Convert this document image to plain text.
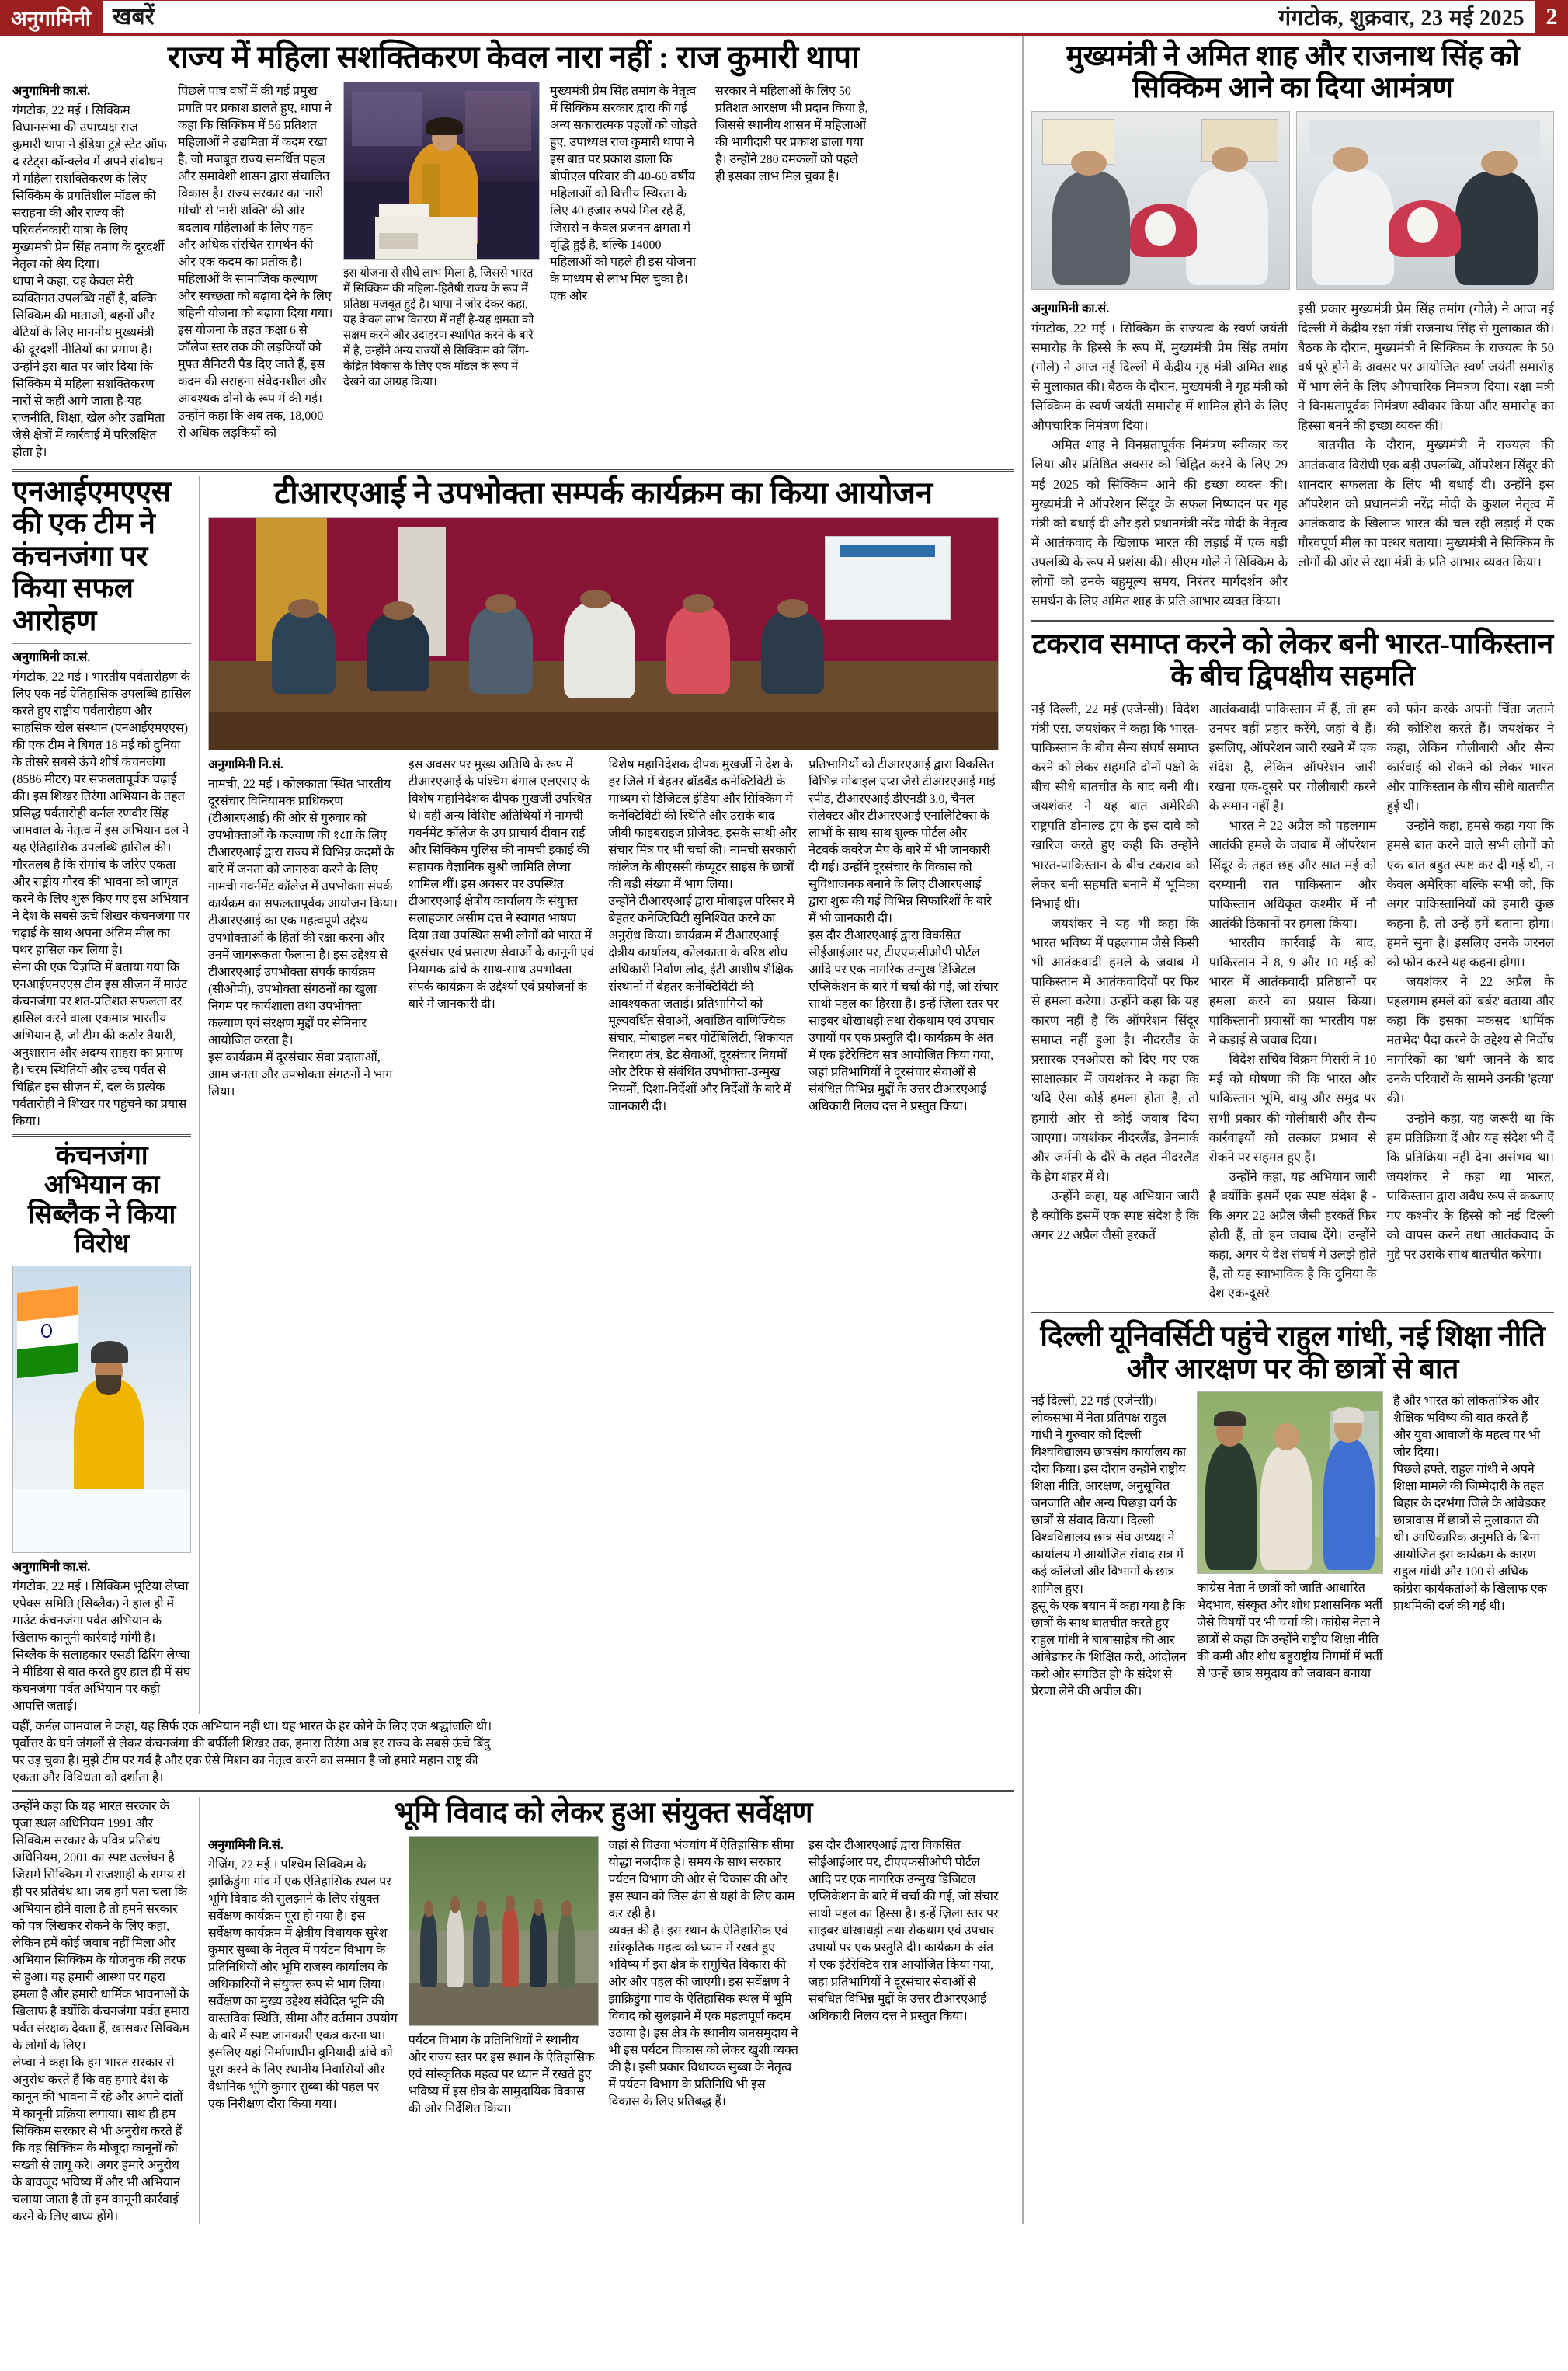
अनुगामिनी खबरें	गंगटोक, शुक्रवार, 23 मई 2025 2
राज्य में महिला सशक्तिकरण केवल नारा नहीं : राज कुमारी थापा
अनुगामिनी का.सं.

गंगटोक, 22 मई । सिक्किम विधानसभा की उपाध्यक्ष राज कुमारी थापा ने इंडिया टुडे स्टेट ऑफ द स्टेट्स कॉन्क्लेव में अपने संबोधन में महिला सशक्तिकरण के लिए सिक्किम के प्रगतिशील मॉडल की सराहना की और राज्य की परिवर्तनकारी यात्रा के लिए मुख्यमंत्री प्रेम सिंह तमांग के दूरदर्शी नेतृत्व को श्रेय दिया।

थापा ने कहा, यह केवल मेरी व्यक्तिगत उपलब्धि नहीं है, बल्कि सिक्किम की माताओं, बहनों और बेटियों के लिए माननीय मुख्यमंत्री की दूरदर्शी नीतियों का प्रमाण है। उन्होंने इस बात पर जोर दिया कि सिक्किम में महिला सशक्तिकरण नारों से कहीं आगे जाता है-यह राजनीति, शिक्षा, खेल और उद्यमिता जैसे क्षेत्रों में कार्रवाई में परिलक्षित होता है।

पिछले पांच वर्षों में की गई प्रमुख प्रगति पर प्रकाश डालते हुए, थापा ने कहा कि सिक्किम में 56 प्रतिशत महिलाओं ने उद्यमिता में कदम रखा है, जो मजबूत राज्य समर्थित पहल और समावेशी शासन द्वारा संचालित विकास है। राज्य सरकार का 'नारी मोर्चा' से 'नारी शक्ति' की ओर बदलाव महिलाओं के लिए गहन और अधिक संरचित समर्थन की ओर एक कदम का प्रतीक है। महिलाओं के सामाजिक कल्याण और स्वच्छता को बढ़ावा देने के लिए बहिनी योजना को बढ़ावा दिया गया। इस योजना के तहत कक्षा 6 से कॉलेज स्तर तक की लड़कियों को मुफ्त सैनिटरी पैड दिए जाते हैं, इस कदम की सराहना संवेदनशील और आवश्यक दोनों के रूप में की गई।

उन्होंने कहा कि अब तक, 18,000 से अधिक लड़कियों को

इस योजना से सीधे लाभ मिला है, जिससे भारत में सिक्किम की महिला-हितैषी राज्य के रूप में प्रतिष्ठा मजबूत हुई है। थापा ने जोर देकर कहा, यह केवल लाभ वितरण में नहीं है-यह क्षमता को सक्षम करने और उदाहरण स्थापित करने के बारे में है, उन्होंने अन्य राज्यों से सिक्किम को लिंग-केंद्रित विकास के लिए एक मॉडल के रूप में देखने का आग्रह किया।

मुख्यमंत्री प्रेम सिंह तमांग के नेतृत्व में सिक्किम सरकार द्वारा की गई अन्य सकारात्मक पहलों को जोड़ते हुए, उपाध्यक्ष राज कुमारी थापा ने इस बात पर प्रकाश डाला कि बीपीएल परिवार की 40-60 वर्षीय महिलाओं को वित्तीय स्थिरता के लिए 40 हजार रुपये मिल रहे हैं, जिससे न केवल प्रजनन क्षमता में वृद्धि हुई है, बल्कि 14000 महिलाओं को पहले ही इस योजना के माध्यम से लाभ मिल चुका है। एक और

सरकार ने महिलाओं के लिए 50 प्रतिशत आरक्षण भी प्रदान किया है, जिससे स्थानीय शासन में महिलाओं की भागीदारी पर प्रकाश डाला गया है। उन्होंने 280 दमकलों को पहले ही इसका लाभ मिल चुका है।

एनआईएमएएस की एक टीम ने कंचनजंगा पर किया सफल आरोहण
अनुगामिनी का.सं.

गंगटोक, 22 मई । भारतीय पर्वतारोहण के लिए एक नई ऐतिहासिक उपलब्धि हासिल करते हुए राष्ट्रीय पर्वतारोहण और साहसिक खेल संस्थान (एनआईएमएएस) की एक टीम ने बिगत 18 मई को दुनिया के तीसरे सबसे ऊंचे शीर्ष कंचनजंगा (8586 मीटर) पर सफलतापूर्वक चढ़ाई की। इस शिखर तिरंगा अभियान के तहत प्रसिद्ध पर्वतारोही कर्नल रणवीर सिंह जामवाल के नेतृत्व में इस अभियान दल ने यह ऐतिहासिक उपलब्धि हासिल की।

गौरतलब है कि रोमांच के जरिए एकता और राष्ट्रीय गौरव की भावना को जागृत करने के लिए शुरू किए गए इस अभियान ने देश के सबसे ऊंचे शिखर कंचनजंगा पर चढ़ाई के साथ अपना अंतिम मील का पथर हासिल कर लिया है।

सेना की एक विज्ञप्ति में बताया गया कि एनआईएमएएस टीम इस सीज़न में माउंट कंचनजंगा पर शत-प्रतिशत सफलता दर हासिल करने वाला एकमात्र भारतीय अभियान है, जो टीम की कठोर तैयारी, अनुशासन और अदम्य साहस का प्रमाण है। चरम स्थितियों और उच्च पर्वत से चिह्नित इस सीज़न में, दल के प्रत्येक पर्वतारोही ने शिखर पर पहुंचने का प्रयास किया।

कंचनजंगा अभियान का सिब्लैक ने किया विरोध
अनुगामिनी का.सं.

गंगटोक, 22 मई । सिक्किम भूटिया लेप्चा एपेक्स समिति (सिब्लैक) ने हाल ही में माउंट कंचनजंगा पर्वत अभियान के खिलाफ कानूनी कार्रवाई मांगी है। सिब्लैक के सलाहकार एसडी ढिरिंग लेप्चा ने मीडिया से बात करते हुए हाल ही में संघ कंचनजंगा पर्वत अभियान पर कड़ी आपत्ति जताई।

टीआरएआई ने उपभोक्ता सम्पर्क कार्यक्रम का किया आयोजन
अनुगामिनी नि.सं.

नामची, 22 मई । कोलकाता स्थित भारतीय दूरसंचार विनियामक प्राधिकरण (टीआरएआई) की ओर से गुरुवार को उपभोक्ताओं के कल्याण की १८ाा के लिए टीआरएआई द्वारा राज्य में विभिन्न कदमों के बारे में जनता को जागरुक करने के लिए नामची गवर्नमेंट कॉलेज में उपभोक्ता संपर्क कार्यक्रम का सफलतापूर्वक आयोजन किया।

टीआरएआई का एक महत्वपूर्ण उद्देश्य उपभोक्ताओं के हितों की रक्षा करना और उनमें जागरूकता फैलाना है। इस उद्देश्य से टीआरएआई उपभोक्ता संपर्क कार्यक्रम (सीओपी), उपभोक्ता संगठनों का खुला निगम पर कार्यशाला तथा उपभोक्ता कल्याण एवं संरक्षण मुद्दों पर सेमिनार आयोजित करता है।

इस कार्यक्रम में दूरसंचार सेवा प्रदाताओं, आम जनता और उपभोक्ता संगठनों ने भाग लिया।

इस अवसर पर मुख्य अतिथि के रूप में टीआरएआई के पश्चिम बंगाल एलएसए के विशेष महानिदेशक दीपक मुखर्जी उपस्थित थे। वहीं अन्य विशिष्ट अतिथियों में नामची गवर्नमेंट कॉलेज के उप प्राचार्य दीवान राई और सिक्किम पुलिस की नामची इकाई की सहायक वैज्ञानिक सुश्री जामिति लेप्चा शामिल थीं। इस अवसर पर उपस्थित टीआरएआई क्षेत्रीय कार्यालय के संयुक्त सलाहकार असीम दत्त ने स्वागत भाषण दिया तथा उपस्थित सभी लोगों को भारत में दूरसंचार एवं प्रसारण सेवाओं के कानूनी एवं नियामक ढांचे के साथ-साथ उपभोक्ता संपर्क कार्यक्रम के उद्देश्यों एवं प्रयोजनों के बारे में जानकारी दी।

विशेष महानिदेशक दीपक मुखर्जी ने देश के हर जिले में बेहतर ब्रॉडबैंड कनेक्टिविटी के माध्यम से डिजिटल इंडिया और सिक्किम में कनेक्टिविटी की स्थिति और उसके बाद जीबी फाइबराइज प्रोजेक्ट, इसके साथी और संचार मित्र पर भी चर्चा की। नामची सरकारी कॉलेज के बीएससी कंप्यूटर साइंस के छात्रों की बड़ी संख्या में भाग लिया।

उन्होंने टीआरएआई द्वारा मोबाइल परिसर में बेहतर कनेक्टिविटी सुनिश्चित करने का अनुरोध किया। कार्यक्रम में टीआरएआई क्षेत्रीय कार्यालय, कोलकाता के वरिष्ठ शोध अधिकारी निर्वाण लोद, ईटी आशीष शैक्षिक संस्थानों में बेहतर कनेक्टिविटी की आवश्यकता जताई। प्रतिभागियों को मूल्यवर्धित सेवाओं, अवांछित वाणिज्यिक संचार, मोबाइल नंबर पोर्टेबिलिटी, शिकायत निवारण तंत्र, डेट सेवाओं, दूरसंचार नियमों और टैरिफ से संबंधित उपभोक्ता-उन्मुख नियमों, दिशा-निर्देशों और निर्देशों के बारे में जानकारी दी।

प्रतिभागियों को टीआरएआई द्वारा विकसित विभिन्न मोबाइल एप्स जैसे टीआरएआई माई स्पीड, टीआरएआई डीएनडी 3.0, चैनल सेलेक्टर और टीआरएआई एनालिटिक्स के लाभों के साथ-साथ शुल्क पोर्टल और नेटवर्क कवरेज मैप के बारे में भी जानकारी दी गई। उन्होंने दूरसंचार के विकास को सुविधाजनक बनाने के लिए टीआरएआई द्वारा शुरू की गई विभिन्न सिफारिशों के बारे में भी जानकारी दी।

इस दौर टीआरएआई द्वारा विकसित सीईआईआर पर, टीएएफसीओपी पोर्टल आदि पर एक नागरिक उन्मुख डिजिटल एप्लिकेशन के बारे में चर्चा की गई, जो संचार साथी पहल का हिस्सा है। इन्हें ज़िला स्तर पर साइबर धोखाधड़ी तथा रोकथाम एवं उपचार उपायों पर एक प्रस्तुति दी। कार्यक्रम के अंत में एक इंटेरेक्टिव सत्र आयोजित किया गया, जहां प्रतिभागियों ने दूरसंचार सेवाओं से संबंधित विभिन्न मुद्दों के उत्तर टीआरएआई अधिकारी निलय दत्त ने प्रस्तुत किया।

वहीं, कर्नल जामवाल ने कहा, यह सिर्फ एक अभियान नहीं था। यह भारत के हर कोने के लिए एक श्रद्धांजलि थी। पूर्वोत्तर के घने जंगलों से लेकर कंचनजंगा की बर्फीली शिखर तक, हमारा तिरंगा अब हर राज्य के सबसे ऊंचे बिंदु पर उड़ चुका है। मुझे टीम पर गर्व है और एक ऐसे मिशन का नेतृत्व करने का सम्मान है जो हमारे महान राष्ट्र की एकता और विविधता को दर्शाता है।

उन्होंने कहा कि यह भारत सरकार के पूजा स्थल अधिनियम 1991 और सिक्किम सरकार के पवित्र प्रतिबंध अधिनियम, 2001 का स्पष्ट उल्लंघन है जिसमें सिक्किम में राजशाही के समय से ही पर प्रतिबंध था। जब हमें पता चला कि अभियान होने वाला है तो हमने सरकार को पत्र लिखकर रोकने के लिए कहा, लेकिन हमें कोई जवाब नहीं मिला और अभियान सिक्किम के योजनुक की तरफ से हुआ। यह हमारी आस्था पर गहरा हमला है और हमारी धार्मिक भावनाओं के खिलाफ है क्योंकि कंचनजंगा पर्वत हमारा पर्वत संरक्षक देवता हैं, खासकर सिक्किम के लोगों के लिए।

लेप्चा ने कहा कि हम भारत सरकार से अनुरोध करते हैं कि वह हमारे देश के कानून की भावना में रहे और अपने दांतों में कानूनी प्रक्रिया लगाया। साथ ही हम सिक्किम सरकार से भी अनुरोध करते हैं कि वह सिक्किम के मौजूदा कानूनों को सख्ती से लागू करे। अगर हमारे अनुरोध के बावजूद भविष्य में और भी अभियान चलाया जाता है तो हम कानूनी कार्रवाई करने के लिए बाध्य होंगे।

भूमि विवाद को लेकर हुआ संयुक्त सर्वेक्षण
अनुगामिनी नि.सं.

गेजिंग, 22 मई । पश्चिम सिक्किम के झाक्रिडुंगा गांव में एक ऐतिहासिक स्थल पर भूमि विवाद की सुलझाने के लिए संयुक्त सर्वेक्षण कार्यक्रम पूरा हो गया है। इस सर्वेक्षण कार्यक्रम में क्षेत्रीय विधायक सुरेश कुमार सुब्बा के नेतृत्व में पर्यटन विभाग के प्रतिनिधियों और भूमि राजस्व कार्यालय के अधिकारियों ने संयुक्त रूप से भाग लिया।

सर्वेक्षण का मुख्य उद्देश्य संवेदित भूमि की वास्तविक स्थिति, सीमा और वर्तमान उपयोग के बारे में स्पष्ट जानकारी एकत्र करना था। इसलिए यहां निर्माणाधीन बुनियादी ढांचे को पूरा करने के लिए स्थानीय निवासियों और वैधानिक भूमि कुमार सुब्बा की पहल पर एक निरीक्षण दौरा किया गया।

पर्यटन विभाग के प्रतिनिधियों ने स्थानीय और राज्य स्तर पर इस स्थान के ऐतिहासिक एवं सांस्कृतिक महत्व पर ध्यान में रखते हुए भविष्य में इस क्षेत्र के सामुदायिक विकास की ओर निर्देशित किया।

जहां से चिउवा भंज्यांग में ऐतिहासिक सीमा योद्धा नजदीक है। समय के साथ सरकार पर्यटन विभाग की ओर से विकास की ओर इस स्थान को जिस ढंग से यहां के लिए काम कर रही है।

व्यक्त की है। इस स्थान के ऐतिहासिक एवं सांस्कृतिक महत्व को ध्यान में रखते हुए भविष्य में इस क्षेत्र के समुचित विकास की ओर और पहल की जाएगी। इस सर्वेक्षण ने झाक्रिडुंगा गांव के ऐतिहासिक स्थल में भूमि विवाद को सुलझाने में एक महत्वपूर्ण कदम उठाया है। इस क्षेत्र के स्थानीय जनसमुदाय ने भी इस पर्यटन विकास को लेकर खुशी व्यक्त की है। इसी प्रकार विधायक सुब्बा के नेतृत्व में पर्यटन विभाग के प्रतिनिधि भी इस विकास के लिए प्रतिबद्ध हैं।

इस दौर टीआरएआई द्वारा विकसित सीईआईआर पर, टीएएफसीओपी पोर्टल आदि पर एक नागरिक उन्मुख डिजिटल एप्लिकेशन के बारे में चर्चा की गई, जो संचार साथी पहल का हिस्सा है। इन्हें ज़िला स्तर पर साइबर धोखाधड़ी तथा रोकथाम एवं उपचार उपायों पर एक प्रस्तुति दी। कार्यक्रम के अंत में एक इंटेरेक्टिव सत्र आयोजित किया गया, जहां प्रतिभागियों ने दूरसंचार सेवाओं से संबंधित विभिन्न मुद्दों के उत्तर टीआरएआई अधिकारी निलय दत्त ने प्रस्तुत किया।

मुख्यमंत्री ने अमित शाह और राजनाथ सिंह को सिक्किम आने का दिया आमंत्रण
अनुगामिनी का.सं.

गंगटोक, 22 मई । सिक्किम के राज्यत्व के स्वर्ण जयंती समारोह के हिस्से के रूप में, मुख्यमंत्री प्रेम सिंह तमांग (गोले) ने आज नई दिल्ली में केंद्रीय गृह मंत्री अमित शाह से मुलाकात की। बैठक के दौरान, मुख्यमंत्री ने गृह मंत्री को सिक्किम के स्वर्ण जयंती समारोह में शामिल होने के लिए औपचारिक निमंत्रण दिया।

अमित शाह ने विनम्रतापूर्वक निमंत्रण स्वीकार कर लिया और प्रतिष्ठित अवसर को चिह्नित करने के लिए 29 मई 2025 को सिक्किम आने की इच्छा व्यक्त की। मुख्यमंत्री ने ऑपरेशन सिंदूर के सफल निष्पादन पर गृह मंत्री को बधाई दी और इसे प्रधानमंत्री नरेंद्र मोदी के नेतृत्व में आतंकवाद के खिलाफ भारत की लड़ाई में एक बड़ी उपलब्धि के रूप में प्रशंसा की। सीएम गोले ने सिक्किम के लोगों को उनके बहुमूल्य समय, निरंतर मार्गदर्शन और समर्थन के लिए अमित शाह के प्रति आभार व्यक्त किया।

इसी प्रकार मुख्यमंत्री प्रेम सिंह तमांग (गोले) ने आज नई दिल्ली में केंद्रीय रक्षा मंत्री राजनाथ सिंह से मुलाकात की। बैठक के दौरान, मुख्यमंत्री ने सिक्किम के राज्यत्व के 50 वर्ष पूरे होने के अवसर पर आयोजित स्वर्ण जयंती समारोह में भाग लेने के लिए औपचारिक निमंत्रण दिया। रक्षा मंत्री ने विनम्रतापूर्वक निमंत्रण स्वीकार किया और समारोह का हिस्सा बनने की इच्छा व्यक्त की।

बातचीत के दौरान, मुख्यमंत्री ने राज्यत्व की आतंकवाद विरोधी एक बड़ी उपलब्धि, ऑपरेशन सिंदूर की शानदार सफलता के लिए भी बधाई दी। उन्होंने इस ऑपरेशन को प्रधानमंत्री नरेंद्र मोदी के कुशल नेतृत्व में आतंकवाद के खिलाफ भारत की चल रही लड़ाई में एक गौरवपूर्ण मील का पत्थर बताया। मुख्यमंत्री ने सिक्किम के लोगों की ओर से रक्षा मंत्री के प्रति आभार व्यक्त किया।

टकराव समाप्त करने को लेकर बनी भारत-पाकिस्तान के बीच द्विपक्षीय सहमति

नई दिल्ली, 22 मई (एजेन्सी)। विदेश मंत्री एस. जयशंकर ने कहा कि भारत-पाकिस्तान के बीच सैन्य संघर्ष समाप्त करने को लेकर सहमति दोनों पक्षों के बीच सीधे बातचीत के बाद बनी थी। जयशंकर ने यह बात अमेरिकी राष्ट्रपति डोनाल्ड ट्रंप के इस दावे को खारिज करते हुए कही कि उन्होंने भारत-पाकिस्तान के बीच टकराव को लेकर बनी सहमति बनाने में भूमिका निभाई थी।

जयशंकर ने यह भी कहा कि भारत भविष्य में पहलगाम जैसे किसी भी आतंकवादी हमले के जवाब में पाकिस्तान में आतंकवादियों पर फिर से हमला करेगा। उन्होंने कहा कि यह कारण नहीं है कि ऑपरेशन सिंदूर समाप्त नहीं हुआ है। नीदरलैंड के प्रसारक एनओएस को दिए गए एक साक्षात्कार में जयशंकर ने कहा कि 'यदि ऐसा कोई हमला होता है, तो हमारी ओर से कोई जवाब दिया जाएगा। जयशंकर नीदरलैंड, डेनमार्क और जर्मनी के दौरे के तहत नीदरलैंड के हेग शहर में थे।

उन्होंने कहा, यह अभियान जारी है क्योंकि इसमें एक स्पष्ट संदेश है कि अगर 22 अप्रैल जैसी हरकतें

आतंकवादी पाकिस्तान में हैं, तो हम उनपर वहीं प्रहार करेंगे, जहां वे हैं। इसलिए, ऑपरेशन जारी रखने में एक संदेश है, लेकिन ऑपरेशन जारी रखना एक-दूसरे पर गोलीबारी करने के समान नहीं है।

भारत ने 22 अप्रैल को पहलगाम आतंकी हमले के जवाब में ऑपरेशन सिंदूर के तहत छह और सात मई को दरम्यानी रात पाकिस्तान और पाकिस्तान अधिकृत कश्मीर में नौ आतंकी ठिकानों पर हमला किया।

भारतीय कार्रवाई के बाद, पाकिस्तान ने 8, 9 और 10 मई को भारत में आतंकवादी प्रतिष्ठानों पर हमला करने का प्रयास किया। पाकिस्तानी प्रयासों का भारतीय पक्ष ने कड़ाई से जवाब दिया।

विदेश सचिव विक्रम मिसरी ने 10 मई को घोषणा की कि भारत और पाकिस्तान भूमि, वायु और समुद्र पर सभी प्रकार की गोलीबारी और सैन्य कार्रवाइयों को तत्काल प्रभाव से रोकने पर सहमत हुए हैं।

उन्होंने कहा, यह अभियान जारी है क्योंकि इसमें एक स्पष्ट संदेश है - कि अगर 22 अप्रैल जैसी हरकतें फिर होती हैं, तो हम जवाब देंगे। उन्होंने कहा, अगर ये देश संघर्ष में उलझे होते हैं, तो यह स्वाभाविक है कि दुनिया के देश एक-दूसरे

को फोन करके अपनी चिंता जताने की कोशिश करते हैं। जयशंकर ने कहा, लेकिन गोलीबारी और सैन्य कार्रवाई को रोकने को लेकर भारत और पाकिस्तान के बीच सीधे बातचीत हुई थी।

उन्होंने कहा, हमसे कहा गया कि हमसे बात करने वाले सभी लोगों को एक बात बहुत स्पष्ट कर दी गई थी, न केवल अमेरिका बल्कि सभी को, कि अगर पाकिस्तानियों को हमारी कुछ कहना है, तो उन्हें हमें बताना होगा। हमने सुना है। इसलिए उनके जरनल को फोन करने यह कहना होगा।

जयशंकर ने 22 अप्रैल के पहलगाम हमले को 'बर्बर' बताया और कहा कि इसका मकसद 'धार्मिक मतभेद' पैदा करने के उद्देश्य से निर्दोष नागरिकों का 'धर्म' जानने के बाद उनके परिवारों के सामने उनकी 'हत्या' की।

उन्होंने कहा, यह जरूरी था कि हम प्रतिक्रिया दें और यह संदेश भी दें कि प्रतिक्रिया नहीं देना असंभव था। जयशंकर ने कहा था भारत, पाकिस्तान द्वारा अवैध रूप से कब्जाए गए कश्मीर के हिस्से को नई दिल्ली को वापस करने तथा आतंकवाद के मुद्दे पर उसके साथ बातचीत करेगा।

दिल्ली यूनिवर्सिटी पहुंचे राहुल गांधी, नई शिक्षा नीति और आरक्षण पर की छात्रों से बात

नई दिल्ली, 22 मई (एजेन्सी)। लोकसभा में नेता प्रतिपक्ष राहुल गांधी ने गुरुवार को दिल्ली विश्वविद्यालय छात्रसंघ कार्यालय का दौरा किया। इस दौरान उन्होंने राष्ट्रीय शिक्षा नीति, आरक्षण, अनुसूचित जनजाति और अन्य पिछड़ा वर्ग के छात्रों से संवाद किया। दिल्ली विश्वविद्यालय छात्र संघ अध्यक्ष ने कार्यालय में आयोजित संवाद सत्र में कई कॉलेजों और विभागों के छात्र शामिल हुए।

डूसू के एक बयान में कहा गया है कि छात्रों के साथ बातचीत करते हुए राहुल गांधी ने बाबासाहेब की आर आंबेडकर के 'शिक्षित करो, आंदोलन करो और संगठित हो' के संदेश से प्रेरणा लेने की अपील की।

कांग्रेस नेता ने छात्रों को जाति-आधारित भेदभाव, संस्कृत और शोध प्रशासनिक भर्ती जैसे विषयों पर भी चर्चा की। कांग्रेस नेता ने छात्रों से कहा कि उन्होंने राष्ट्रीय शिक्षा नीति की कमी और शोध बहुराष्ट्रीय निगमों में भर्ती से 'उन्हें' छात्र समुदाय को जवाबन बनाया

है और भारत को लोकतांत्रिक और शैक्षिक भविष्य की बात करते हैं और युवा आवाजों के महत्व पर भी जोर दिया।

पिछले हफ्ते, राहुल गांधी ने अपने शिक्षा मामले की जिम्मेदारी के तहत बिहार के दरभंगा जिले के आंबेडकर छात्रावास में छात्रों से मुलाकात की थी। आधिकारिक अनुमति के बिना आयोजित इस कार्यक्रम के कारण राहुल गांधी और 100 से अधिक कांग्रेस कार्यकर्ताओं के खिलाफ एक प्राथमिकी दर्ज की गई थी।
